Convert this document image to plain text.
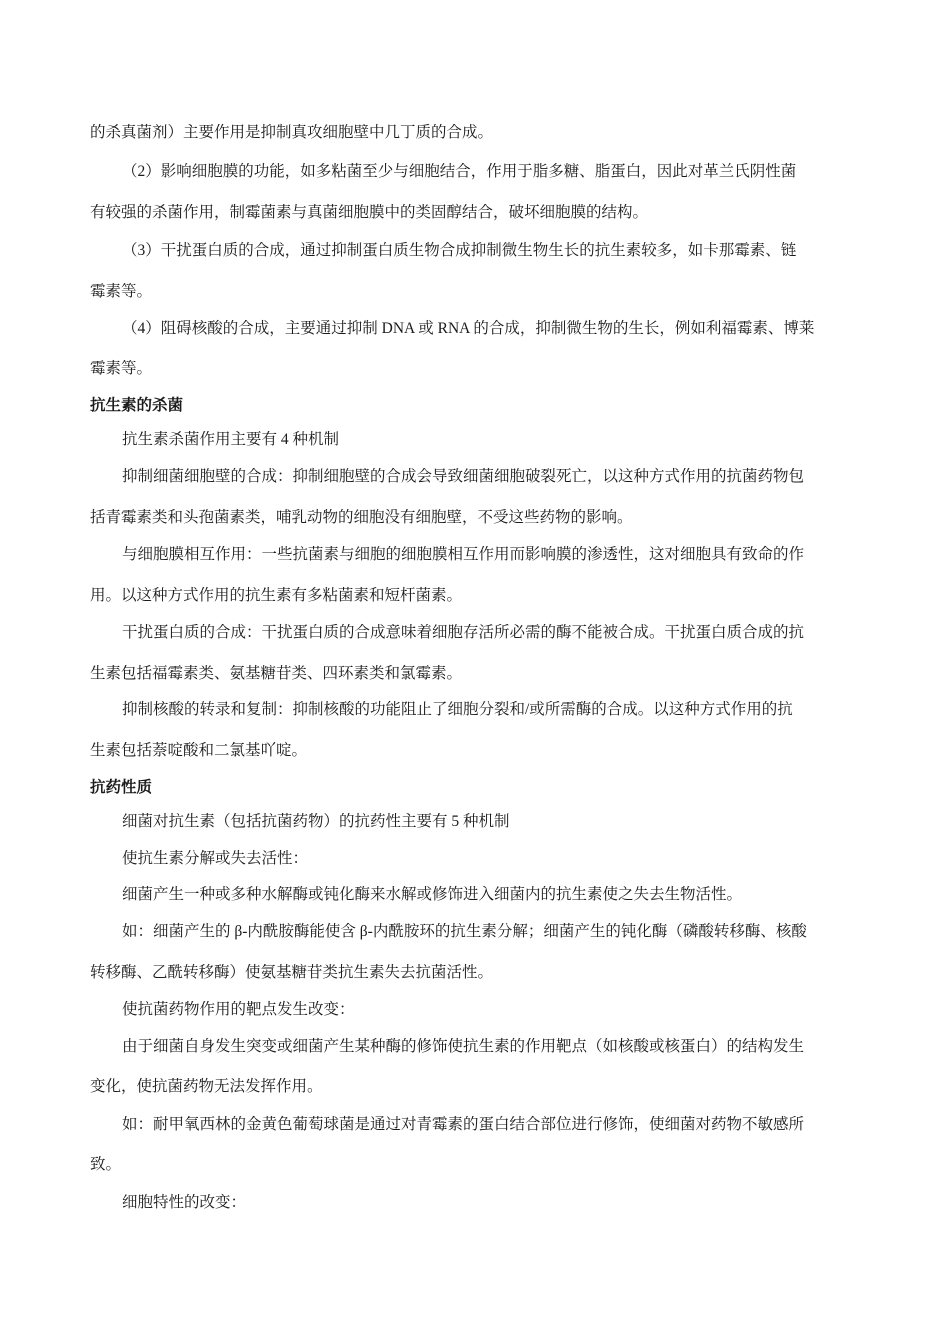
的杀真菌剂）主要作用是抑制真攻细胞壁中几丁质的合成。
（2）影响细胞膜的功能，如多粘菌至少与细胞结合，作用于脂多糖、脂蛋白，因此对革兰氏阴性菌
有较强的杀菌作用，制霉菌素与真菌细胞膜中的类固醇结合，破坏细胞膜的结构。
（3）干扰蛋白质的合成，通过抑制蛋白质生物合成抑制微生物生长的抗生素较多，如卡那霉素、链
霉素等。
（4）阻碍核酸的合成，主要通过抑制 DNA 或 RNA 的合成，抑制微生物的生长，例如利福霉素、博莱
霉素等。
抗生素的杀菌
抗生素杀菌作用主要有 4 种机制
抑制细菌细胞壁的合成：抑制细胞壁的合成会导致细菌细胞破裂死亡，以这种方式作用的抗菌药物包
括青霉素类和头孢菌素类，哺乳动物的细胞没有细胞壁，不受这些药物的影响。
与细胞膜相互作用：一些抗菌素与细胞的细胞膜相互作用而影响膜的渗透性，这对细胞具有致命的作
用。以这种方式作用的抗生素有多粘菌素和短杆菌素。
干扰蛋白质的合成：干扰蛋白质的合成意味着细胞存活所必需的酶不能被合成。干扰蛋白质合成的抗
生素包括福霉素类、氨基糖苷类、四环素类和氯霉素。
抑制核酸的转录和复制：抑制核酸的功能阻止了细胞分裂和/或所需酶的合成。以这种方式作用的抗
生素包括萘啶酸和二氯基吖啶。
抗药性质
细菌对抗生素（包括抗菌药物）的抗药性主要有 5 种机制
使抗生素分解或失去活性：
细菌产生一种或多种水解酶或钝化酶来水解或修饰进入细菌内的抗生素使之失去生物活性。
如：细菌产生的 β-内酰胺酶能使含 β-内酰胺环的抗生素分解；细菌产生的钝化酶（磷酸转移酶、核酸
转移酶、乙酰转移酶）使氨基糖苷类抗生素失去抗菌活性。
使抗菌药物作用的靶点发生改变：
由于细菌自身发生突变或细菌产生某种酶的修饰使抗生素的作用靶点（如核酸或核蛋白）的结构发生
变化，使抗菌药物无法发挥作用。
如：耐甲氧西林的金黄色葡萄球菌是通过对青霉素的蛋白结合部位进行修饰，使细菌对药物不敏感所
致。
细胞特性的改变：
